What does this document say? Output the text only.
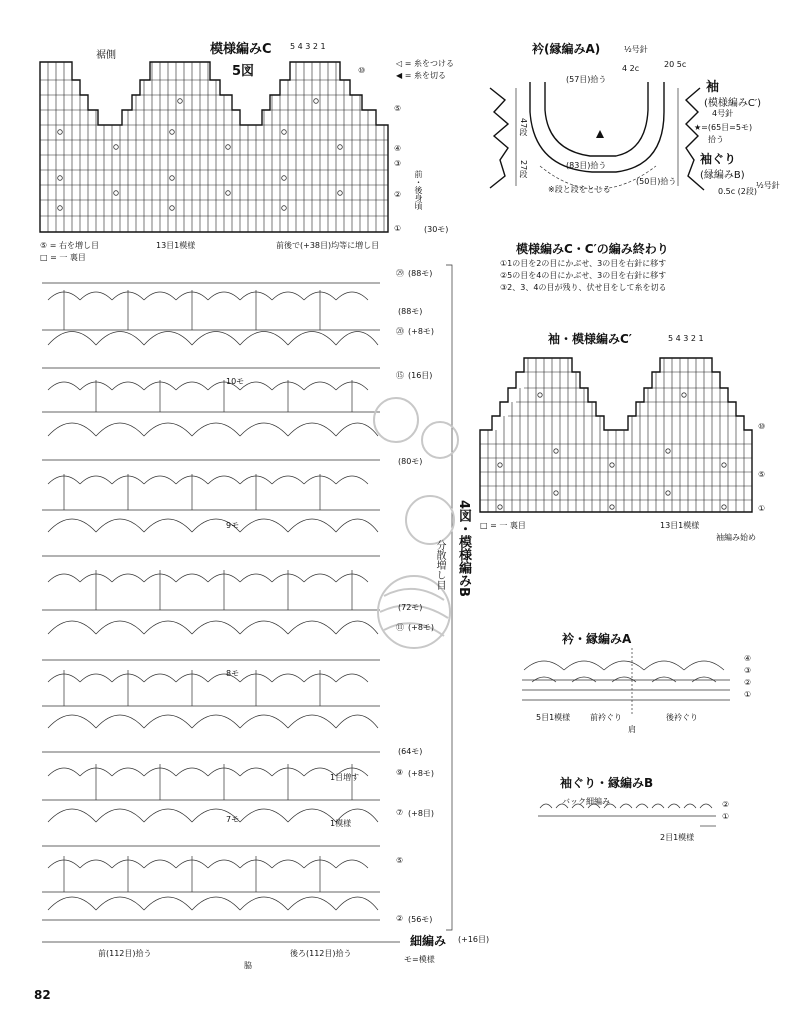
模様編みC 5 4 3 2 1
5図
裾側
◁ = 糸をつける
◀ = 糸を切る
⑩
⑤
④
③
②
①
前・後身頃
(30モ)
⑤ = 右を増し目	13目1模様	前後で(+38目)均等に増し目
□ = 一 裏目
衿(縁編みA)	½号針
4 2c
(57目)拾う
(83目)拾う
47段
27段
※段と段をとじる
袖
(模様編みC′)
4号針
★=(65目=5モ)
拾う
20 5c
袖ぐり
(縁編みB)
(50目)拾う
0.5c (2段)
½号針
模様編みC・C′の編み終わり
①1の目を2の目にかぶせ、3の目を右針に移す
②5の目を4の目にかぶせ、3の目を右針に移す
③2、3、4の目が残り、伏せ目をして糸を切る
袖・模様編みC′	5 4 3 2 1
⑩
⑤
①
□ = 一 裏目	13目1模様
袖編み始め
4図・模様編みB
分散増し目
㉙ (88モ)
(88モ)
⑳ (+8モ)
⑮ (16目)
(80モ)
(72モ)
⑪ (+8モ)
(64モ)
⑨ (+8モ)
⑦ (+8目)
⑤
② (56モ)
10モ
9モ
8モ
7モ	1模様
1目増す
細編み (+16目)
モ=模様
前(112目)拾う	後ろ(112目)拾う
脇
衿・縁編みA
④
③
②
①
5目1模様 前衿ぐり	後衿ぐり
肩
袖ぐり・縁編みB
バック細編み	②
①
2目1模様
82
